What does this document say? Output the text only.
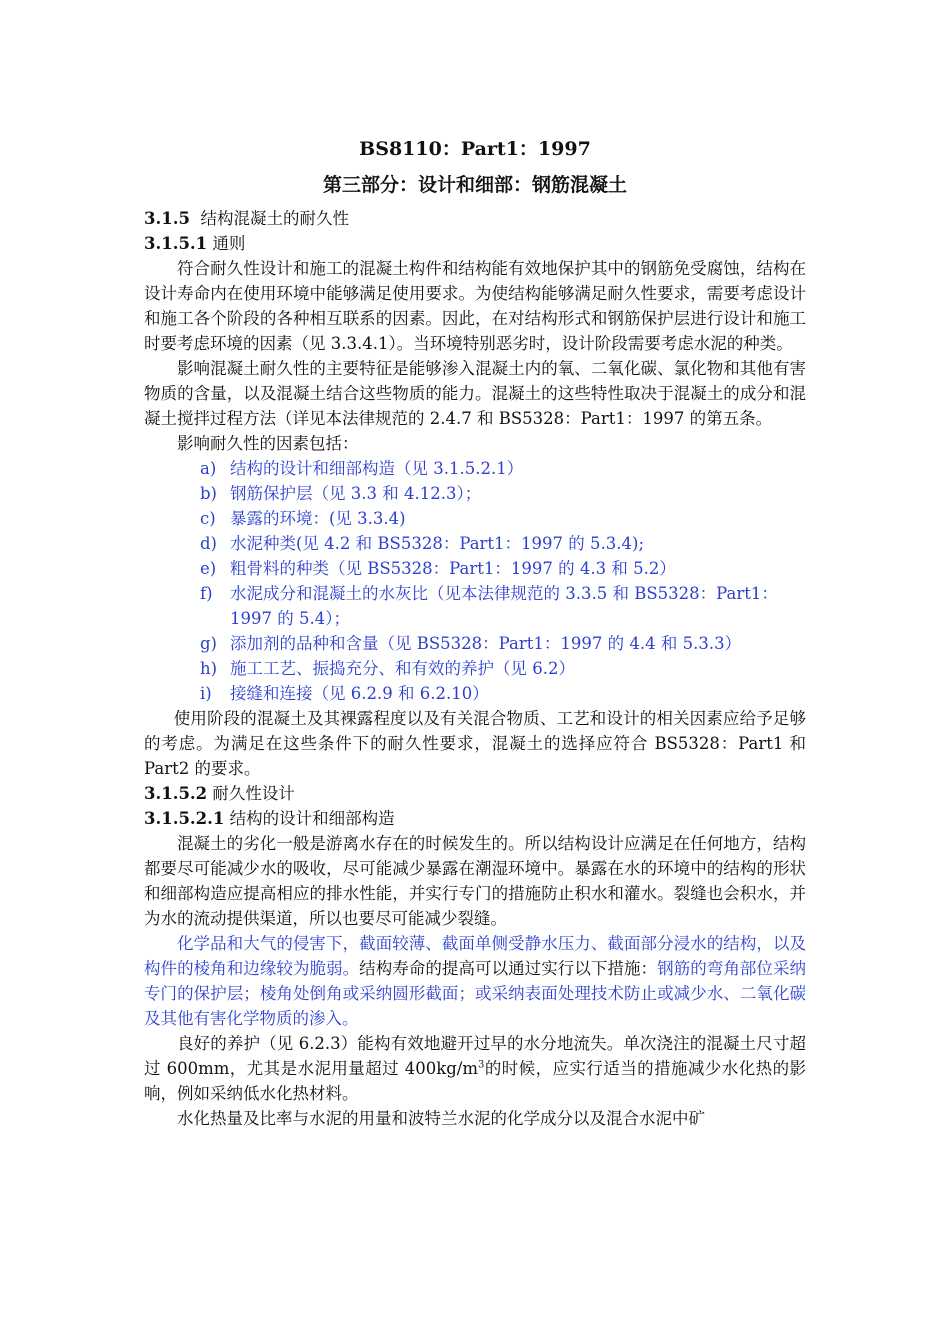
BS8110：Part1：1997
第三部分：设计和细部：钢筋混凝土
3.1.5 结构混凝土的耐久性
3.1.5.1 通则

符合耐久性设计和施工的混凝土构件和结构能有效地保护其中的钢筋免受腐蚀，结构在设计寿命内在使用环境中能够满足使用要求。为使结构能够满足耐久性要求，需要考虑设计和施工各个阶段的各种相互联系的因素。因此，在对结构形式和钢筋保护层进行设计和施工时要考虑环境的因素（见 3.3.4.1）。当环境特别恶劣时，设计阶段需要考虑水泥的种类。

影响混凝土耐久性的主要特征是能够渗入混凝土内的氧、二氧化碳、氯化物和其他有害物质的含量，以及混凝土结合这些物质的能力。混凝土的这些特性取决于混凝土的成分和混凝土搅拌过程方法（详见本法律规范的 2.4.7 和 BS5328：Part1：1997 的第五条。

影响耐久性的因素包括：

a) 结构的设计和细部构造（见 3.1.5.2.1）
b) 钢筋保护层（见 3.3 和 4.12.3）；
c) 暴露的环境：(见 3.3.4)
d) 水泥种类(见 4.2 和 BS5328：Part1：1997 的 5.3.4);
e) 粗骨料的种类（见 BS5328：Part1：1997 的 4.3 和 5.2）
f) 水泥成分和混凝土的水灰比（见本法律规范的 3.3.5 和 BS5328：Part1：1997 的 5.4）；
g) 添加剂的品种和含量（见 BS5328：Part1：1997 的 4.4 和 5.3.3）
h) 施工工艺、振捣充分、和有效的养护（见 6.2）
i) 接缝和连接（见 6.2.9 和 6.2.10）

使用阶段的混凝土及其裸露程度以及有关混合物质、工艺和设计的相关因素应给予足够的考虑。为满足在这些条件下的耐久性要求，混凝土的选择应符合 BS5328：Part1 和 Part2 的要求。

3.1.5.2 耐久性设计
3.1.5.2.1 结构的设计和细部构造

混凝土的劣化一般是游离水存在的时候发生的。所以结构设计应满足在任何地方，结构都要尽可能减少水的吸收，尽可能减少暴露在潮湿环境中。暴露在水的环境中的结构的形状和细部构造应提高相应的排水性能，并实行专门的措施防止积水和灌水。裂缝也会积水，并为水的流动提供渠道，所以也要尽可能减少裂缝。

化学品和大气的侵害下，截面较薄、截面单侧受静水压力、截面部分浸水的结构，以及构件的棱角和边缘较为脆弱。结构寿命的提高可以通过实行以下措施：钢筋的弯角部位采纳专门的保护层；棱角处倒角或采纳圆形截面；或采纳表面处理技术防止或减少水、二氧化碳及其他有害化学物质的渗入。

良好的养护（见 6.2.3）能构有效地避开过早的水分地流失。单次浇注的混凝土尺寸超过 600mm，尤其是水泥用量超过 $400kg/m^3$的时候，应实行适当的措施减少水化热的影响，例如采纳低水化热材料。

水化热量及比率与水泥的用量和波特兰水泥的化学成分以及混合水泥中矿
